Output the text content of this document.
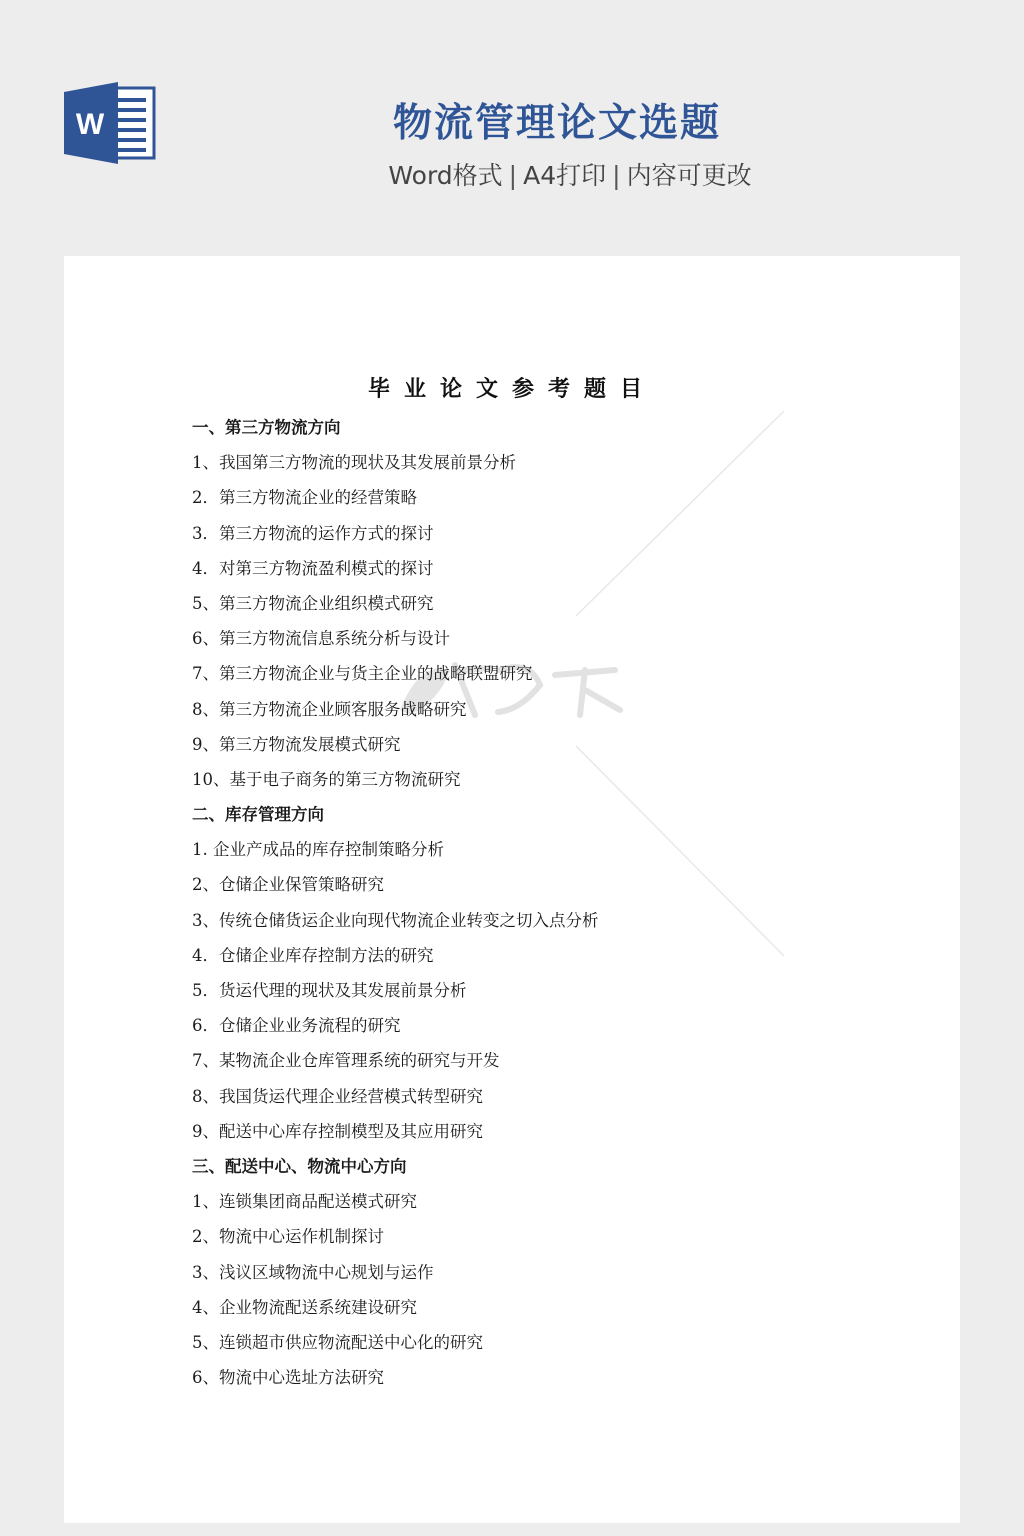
W	物流管理论文选题
Word格式 | A4打印 | 内容可更改
毕业论文参考题目
一、第三方物流方向
1、我国第三方物流的现状及其发展前景分析
2．第三方物流企业的经营策略
3．第三方物流的运作方式的探讨
4．对第三方物流盈利模式的探讨
5、第三方物流企业组织模式研究
6、第三方物流信息系统分析与设计
7、第三方物流企业与货主企业的战略联盟研究
8、第三方物流企业顾客服务战略研究
9、第三方物流发展模式研究
10、基于电子商务的第三方物流研究
二、库存管理方向
1. 企业产成品的库存控制策略分析
2、仓储企业保管策略研究
3、传统仓储货运企业向现代物流企业转变之切入点分析
4．仓储企业库存控制方法的研究
5．货运代理的现状及其发展前景分析
6．仓储企业业务流程的研究
7、某物流企业仓库管理系统的研究与开发
8、我国货运代理企业经营模式转型研究
9、配送中心库存控制模型及其应用研究
三、配送中心、物流中心方向
1、连锁集团商品配送模式研究
2、物流中心运作机制探讨
3、浅议区域物流中心规划与运作
4、企业物流配送系统建设研究
5、连锁超市供应物流配送中心化的研究
6、物流中心选址方法研究
